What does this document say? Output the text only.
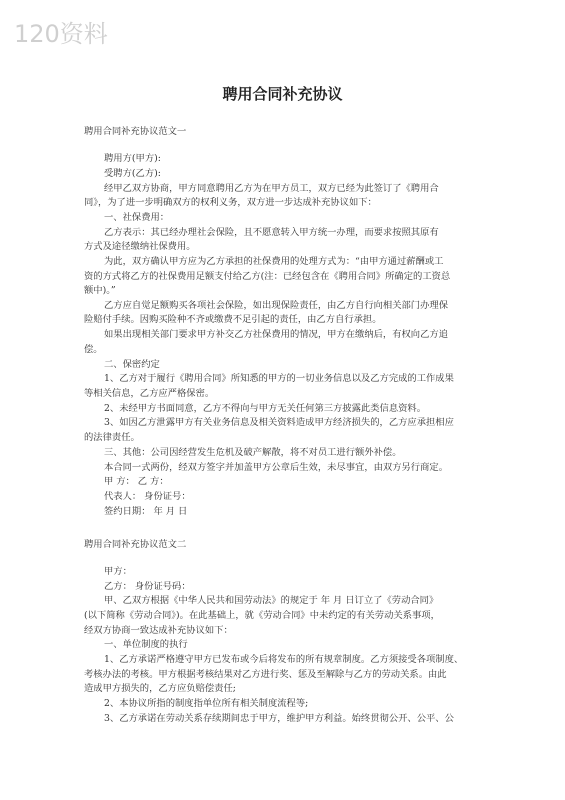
120资料
聘用合同补充协议
聘用合同补充协议范文一
聘用方(甲方):
受聘方(乙方):
经甲乙双方协商，甲方同意聘用乙方为在甲方员工，双方已经为此签订了《聘用合
同》，为了进一步明确双方的权利义务，双方进一步达成补充协议如下：
一、社保费用：
乙方表示：其已经办理社会保险，且不愿意转入甲方统一办理，而要求按照其原有
方式及途径缴纳社保费用。
为此，双方确认甲方应为乙方承担的社保费用的处理方式为：“由甲方通过薪酬或工
资的方式将乙方的社保费用足额支付给乙方(注：已经包含在《聘用合同》所确定的工资总
额中)。”
乙方应自觉足额购买各项社会保险，如出现保险责任，由乙方自行向相关部门办理保
险赔付手续。因购买险种不齐或缴费不足引起的责任，由乙方自行承担。
如果出现相关部门要求甲方补交乙方社保费用的情况，甲方在缴纳后，有权向乙方追
偿。
二、保密约定
1、乙方对于履行《聘用合同》所知悉的甲方的一切业务信息以及乙方完成的工作成果
等相关信息，乙方应严格保密。
2、未经甲方书面同意，乙方不得向与甲方无关任何第三方披露此类信息资料。
3、如因乙方泄露甲方有关业务信息及相关资料造成甲方经济损失的，乙方应承担相应
的法律责任。
三、其他：公司因经营发生危机及破产解散，将不对员工进行额外补偿。
本合同一式两份，经双方签字并加盖甲方公章后生效，未尽事宜，由双方另行商定。
甲 方： 乙 方：
代表人： 身份证号：
签约日期： 年 月 日
聘用合同补充协议范文二
甲方：
乙方： 身份证号码：
甲、乙双方根据《中华人民共和国劳动法》的规定于 年 月 日订立了《劳动合同》
(以下简称《劳动合同》)。在此基础上，就《劳动合同》中未约定的有关劳动关系事项，
经双方协商一致达成补充协议如下：
一、单位制度的执行
1、乙方承诺严格遵守甲方已发布或今后将发布的所有规章制度。乙方须接受各项制度、
考核办法的考核。甲方根据考核结果对乙方进行奖、惩及至解除与乙方的劳动关系。由此
造成甲方损失的，乙方应负赔偿责任;
2、本协议所指的制度指单位所有相关制度流程等;
3、乙方承诺在劳动关系存续期间忠于甲方，维护甲方利益。始终贯彻公开、公平、公
